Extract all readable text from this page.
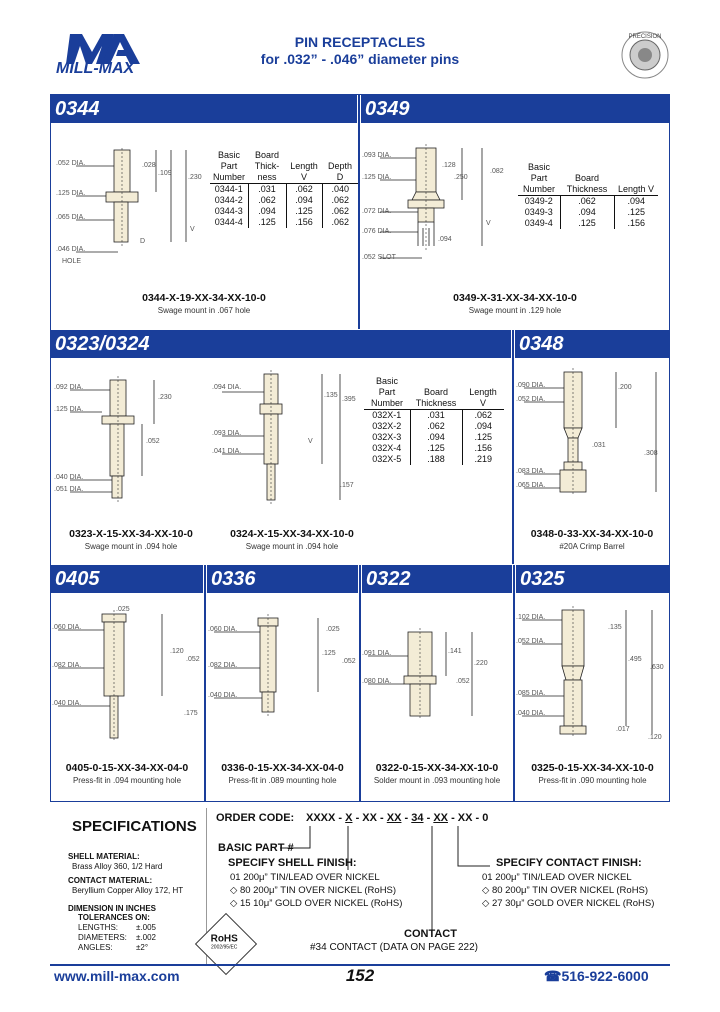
MILL-MAX
PIN RECEPTACLES
for .032” - .046” diameter pins
PRECISION
0344	0349
.052 DIA.
.125 DIA.
.065 DIA.
.046 DIA.
.028
.109
.230
V
D
HOLE
Basic Part Number	Board Thick-ness	Length V	Depth D
0344-1	.031	.062	.040
0344-2	.062	.094	.062
0344-3	.094	.125	.062
0344-4	.125	.156	.062
0344-X-19-XX-34-XX-10-0
Swage mount in .067 hole
.093 DIA.
.125 DIA.
.072 DIA.
.076 DIA.
.052 SLOT
.128
.250
.094
V
.082	Basic Part Number	Board Thickness	Length V
0349-2	.062	.094
0349-3	.094	.125
0349-4	.125	.156
0349-X-31-XX-34-XX-10-0
Swage mount in .129 hole
0323/0324	0348
.092 DIA.
.125 DIA.
.040 DIA.
.051 DIA.
.230
.052
.094 DIA.
.093 DIA.
.041 DIA.
.135
.395
.157
V
Basic Part Number	Board Thickness	Length V
032X-1	.031	.062
032X-2	.062	.094
032X-3	.094	.125
032X-4	.125	.156
032X-5	.188	.219
0323-X-15-XX-34-XX-10-0
Swage mount in .094 hole
0324-X-15-XX-34-XX-10-0
Swage mount in .094 hole
.090 DIA.
.052 DIA.
.083 DIA.
.065 DIA.
.200
.031
.308
0348-0-33-XX-34-XX-10-0
#20A Crimp Barrel
0405	0336	0322	0325
.025
.060 DIA.
.082 DIA.
.040 DIA.
.120
.052
.175
0405-0-15-XX-34-XX-04-0
Press-fit in .094 mounting hole
.060 DIA.
.082 DIA.
.040 DIA.
.025
.125
.052
0336-0-15-XX-34-XX-04-0
Press-fit in .089 mounting hole
.091 DIA.
.080 DIA.
.141
.220
.052
0322-0-15-XX-34-XX-10-0
Solder mount in .093 mounting hole
.102 DIA.
.052 DIA.
.085 DIA.
.040 DIA.
.135
.495
.630
.017
.120
0325-0-15-XX-34-XX-10-0
Press-fit in .090 mounting hole
SPECIFICATIONS
SHELL MATERIAL:
Brass Alloy 360, 1/2 Hard
CONTACT MATERIAL:
Beryllium Copper Alloy 172, HT
DIMENSION IN INCHES
TOLERANCES ON:
LENGTHS: ±.005
DIAMETERS: ±.002
ANGLES:	±2°
RoHS
2002/95/EC
ORDER CODE: XXXX - X - XX - XX - 34 - XX - XX - 0
BASIC PART #
SPECIFY SHELL FINISH:
01 200μ” TIN/LEAD OVER NICKEL
◇ 80 200μ” TIN OVER NICKEL (RoHS)
◇ 15 10μ” GOLD OVER NICKEL (RoHS)
SPECIFY CONTACT FINISH:
01 200μ” TIN/LEAD OVER NICKEL
◇ 80 200μ” TIN OVER NICKEL (RoHS)
◇ 27 30μ” GOLD OVER NICKEL (RoHS)
CONTACT
#34 CONTACT (DATA ON PAGE 222)
www.mill-max.com	152	☎516-922-6000
